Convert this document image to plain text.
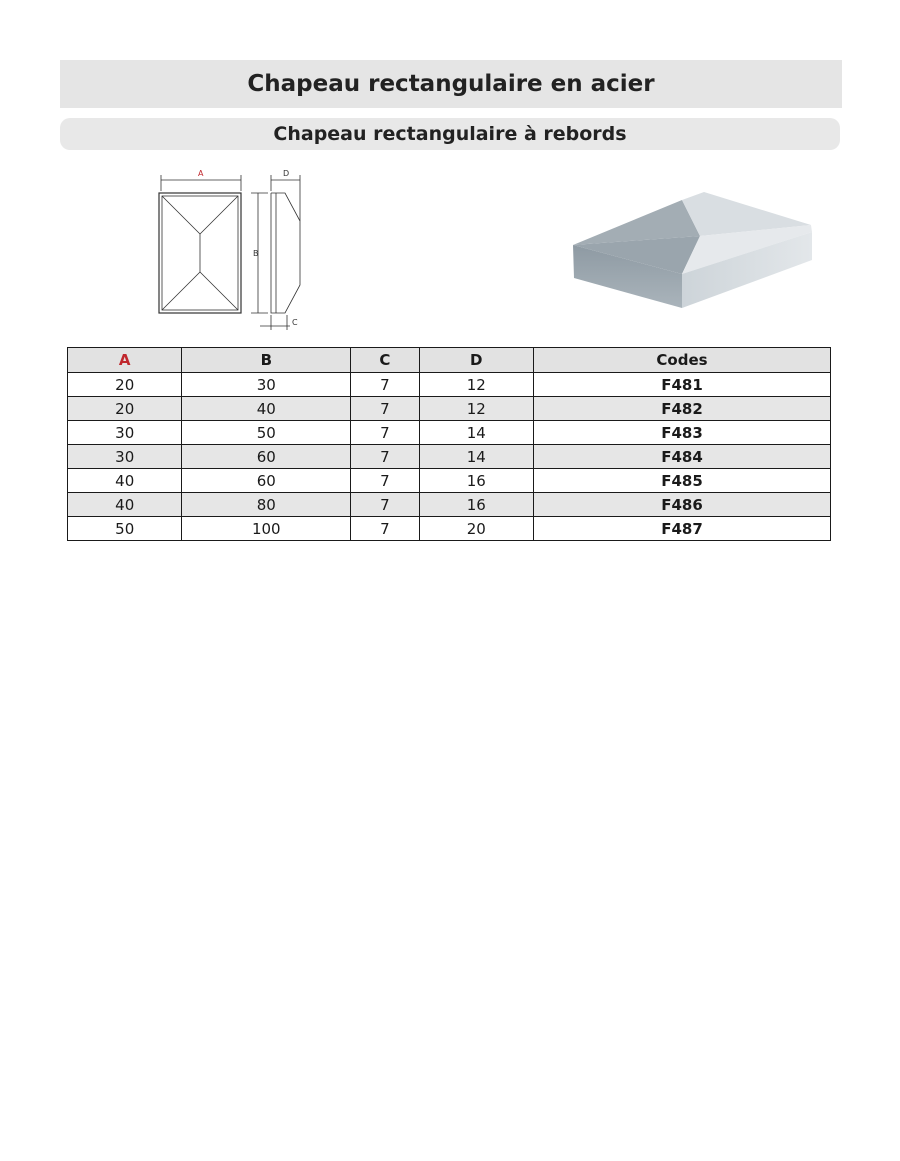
Chapeau rectangulaire en acier
Chapeau rectangulaire à rebords
A
B
C
D
A	B	C	D	Codes
20	30	7	12	F481
20	40	7	12	F482
30	50	7	14	F483
30	60	7	14	F484
40	60	7	16	F485
40	80	7	16	F486
50	100	7	20	F487
